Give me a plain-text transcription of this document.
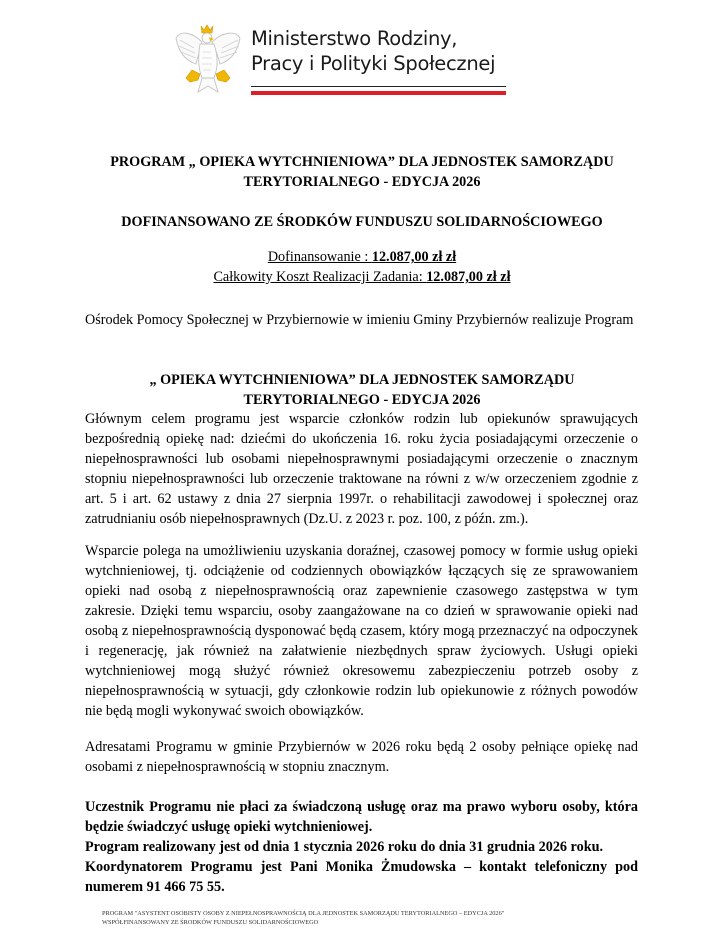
Ministerstwo Rodziny,
Pracy i Polityki Społecznej
PROGRAM „ OPIEKA WYTCHNIENIOWA” DLA JEDNOSTEK SAMORZĄDU
TERYTORIALNEGO - EDYCJA 2026
DOFINANSOWANO ZE ŚRODKÓW FUNDUSZU SOLIDARNOŚCIOWEGO
Dofinansowanie : 12.087,00 zł zł
Całkowity Koszt Realizacji Zadania: 12.087,00 zł zł
Ośrodek Pomocy Społecznej w Przybiernowie w imieniu Gminy Przybiernów realizuje Program
„ OPIEKA WYTCHNIENIOWA” DLA JEDNOSTEK SAMORZĄDU
TERYTORIALNEGO - EDYCJA 2026
Głównym celem programu jest wsparcie członków rodzin lub opiekunów sprawujących bezpośrednią opiekę nad: dziećmi do ukończenia 16. roku życia posiadającymi orzeczenie o niepełnosprawności lub osobami niepełnosprawnymi posiadającymi orzeczenie o znacznym stopniu niepełnosprawności lub orzeczenie traktowane na równi z w/w orzeczeniem zgodnie z art. 5 i art. 62 ustawy z dnia 27 sierpnia 1997r. o rehabilitacji zawodowej i społecznej oraz zatrudnianiu osób niepełnosprawnych (Dz.U. z 2023 r. poz. 100, z późn. zm.).
Wsparcie polega na umożliwieniu uzyskania doraźnej, czasowej pomocy w formie usług opieki wytchnieniowej, tj. odciążenie od codziennych obowiązków łączących się ze sprawowaniem opieki nad osobą z niepełnosprawnością oraz zapewnienie czasowego zastępstwa w tym zakresie. Dzięki temu wsparciu, osoby zaangażowane na co dzień w sprawowanie opieki nad osobą z niepełnosprawnością dysponować będą czasem, który mogą przeznaczyć na odpoczynek i regenerację, jak również na załatwienie niezbędnych spraw życiowych. Usługi opieki wytchnieniowej mogą służyć również okresowemu zabezpieczeniu potrzeb osoby z niepełnosprawnością w sytuacji, gdy członkowie rodzin lub opiekunowie z różnych powodów nie będą mogli wykonywać swoich obowiązków.
Adresatami Programu w gminie Przybiernów w 2026 roku będą 2 osoby pełniące opiekę nad osobami z niepełnosprawnością w stopniu znacznym.
Uczestnik Programu nie płaci za świadczoną usługę oraz ma prawo wyboru osoby, która będzie świadczyć usługę opieki wytchnieniowej.
Program realizowany jest od dnia 1 stycznia 2026 roku do dnia 31 grudnia 2026 roku.
Koordynatorem Programu jest Pani Monika Żmudowska – kontakt telefoniczny pod numerem 91 466 75 55.
PROGRAM "ASYSTENT OSOBISTY OSOBY Z NIEPEŁNOSPRAWNOŚCIĄ DLA JEDNOSTEK SAMORZĄDU TERYTORIALNEGO – EDYCJA 2026"
WSPÓŁFINANSOWANY ZE ŚRODKÓW FUNDUSZU SOLIDARNOŚCIOWEGO
